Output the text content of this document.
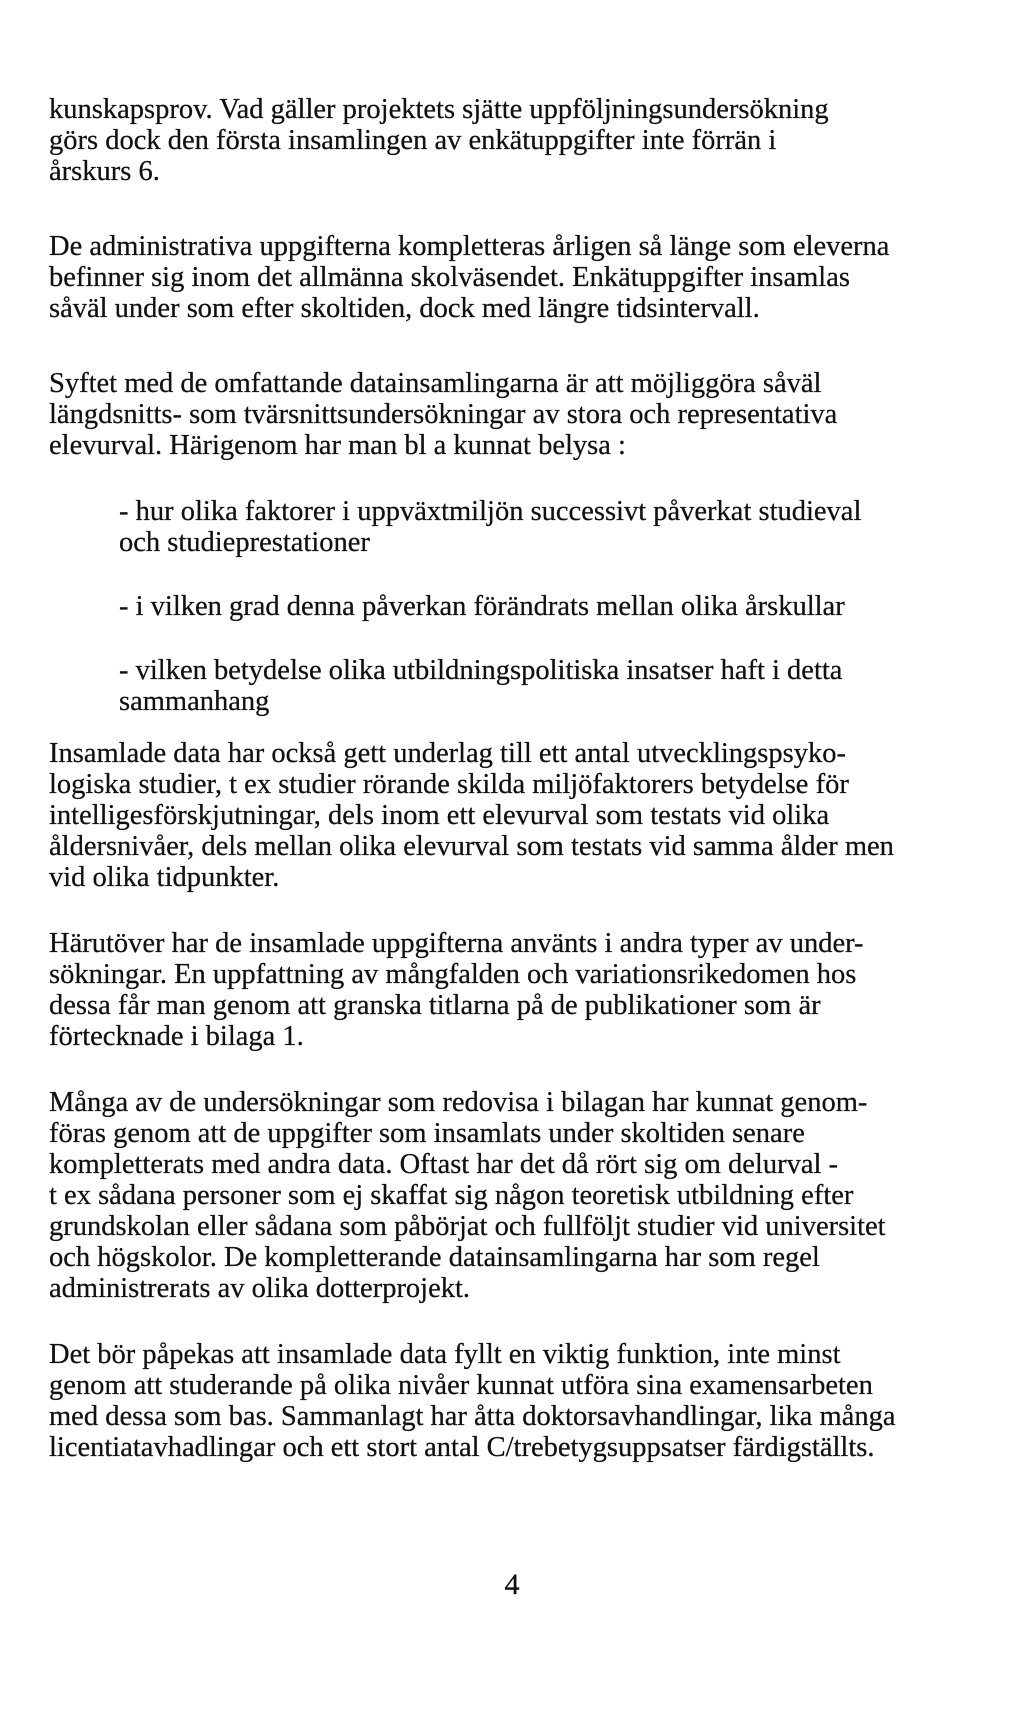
kunskapsprov. Vad gäller projektets sjätte uppföljningsundersökning
görs dock den första insamlingen av enkätuppgifter inte förrän i
årskurs 6.

De administrativa uppgifterna kompletteras årligen så länge som eleverna
befinner sig inom det allmänna skolväsendet. Enkätuppgifter insamlas
såväl under som efter skoltiden, dock med längre tidsintervall.

Syftet med de omfattande datainsamlingarna är att möjliggöra såväl
längdsnitts- som tvärsnittsundersökningar av stora och representativa
elevurval. Härigenom har man bl a kunnat belysa :

- hur olika faktorer i uppväxtmiljön successivt påverkat studieval
och studieprestationer

- i vilken grad denna påverkan förändrats mellan olika årskullar

- vilken betydelse olika utbildningspolitiska insatser haft i detta
sammanhang

Insamlade data har också gett underlag till ett antal utvecklingspsyko-
logiska studier, t ex studier rörande skilda miljöfaktorers betydelse för
intelligesförskjutningar, dels inom ett elevurval som testats vid olika
åldersnivåer, dels mellan olika elevurval som testats vid samma ålder men
vid olika tidpunkter.

Härutöver har de insamlade uppgifterna använts i andra typer av under-
sökningar. En uppfattning av mångfalden och variationsrikedomen hos
dessa får man genom att granska titlarna på de publikationer som är
förtecknade i bilaga 1.

Många av de undersökningar som redovisa i bilagan har kunnat genom-
föras genom att de uppgifter som insamlats under skoltiden senare
kompletterats med andra data. Oftast har det då rört sig om delurval -
t ex sådana personer som ej skaffat sig någon teoretisk utbildning efter
grundskolan eller sådana som påbörjat och fullföljt studier vid universitet
och högskolor. De kompletterande datainsamlingarna har som regel
administrerats av olika dotterprojekt.

Det bör påpekas att insamlade data fyllt en viktig funktion, inte minst
genom att studerande på olika nivåer kunnat utföra sina examensarbeten
med dessa som bas. Sammanlagt har åtta doktorsavhandlingar, lika många
licentiatavhadlingar och ett stort antal C/trebetygsuppsatser färdigställts.

4
